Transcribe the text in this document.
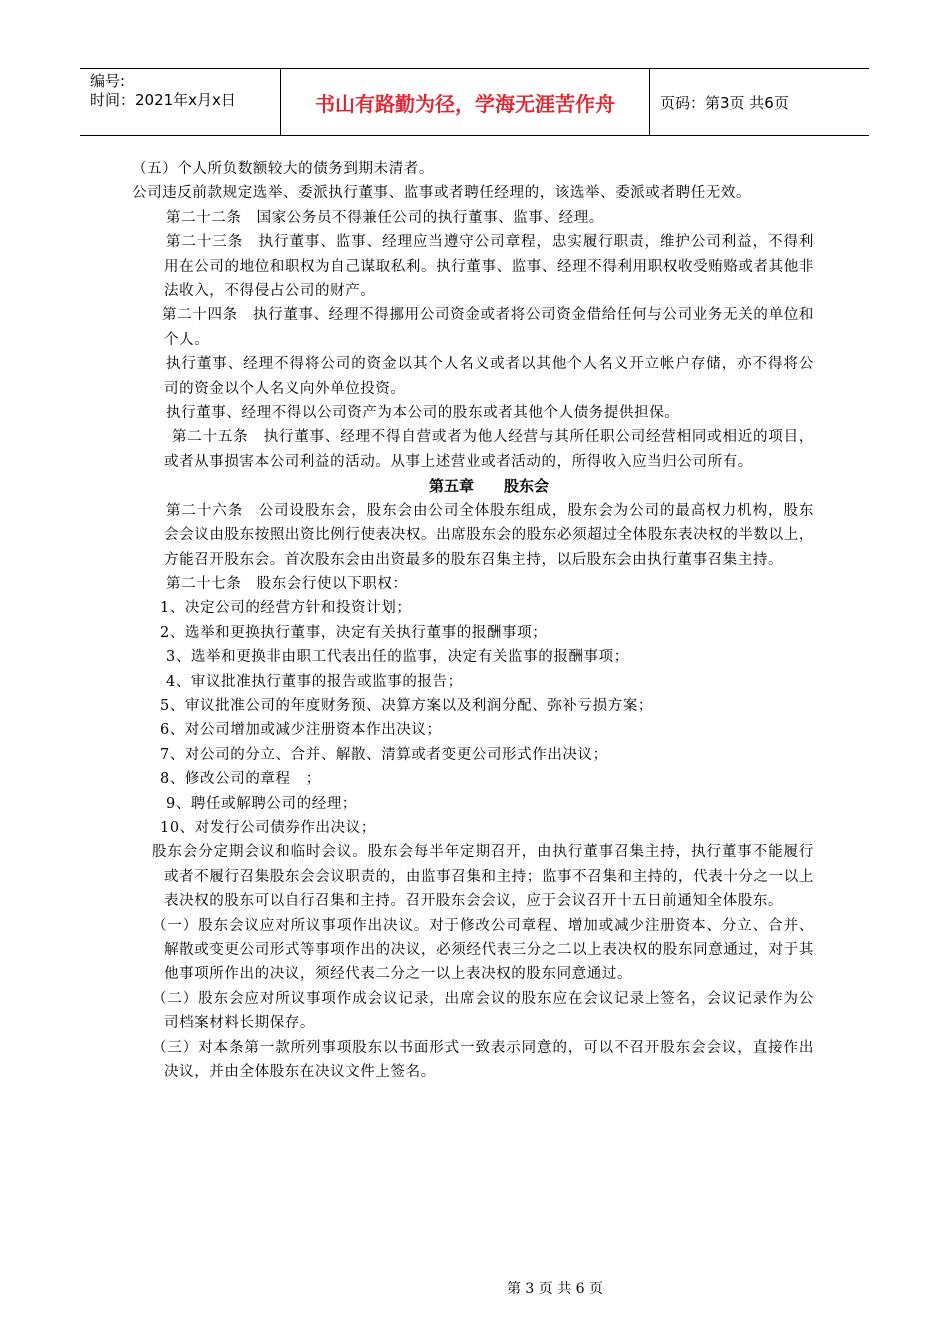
编号:
时间：2021年x月x日	书山有路勤为径，学海无涯苦作舟	页码：第3页 共6页

（五）个人所负数额较大的债务到期未清者。

公司违反前款规定选举、委派执行董事、监事或者聘任经理的，该选举、委派或者聘任无效。

第二十二条　国家公务员不得兼任公司的执行董事、监事、经理。

第二十三条　执行董事、监事、经理应当遵守公司章程，忠实履行职责，维护公司利益，不得利用在公司的地位和职权为自己谋取私利。执行董事、监事、经理不得利用职权收受贿赂或者其他非法收入，不得侵占公司的财产。

第二十四条　执行董事、经理不得挪用公司资金或者将公司资金借给任何与公司业务无关的单位和个人。

执行董事、经理不得将公司的资金以其个人名义或者以其他个人名义开立帐户存储，亦不得将公司的资金以个人名义向外单位投资。

执行董事、经理不得以公司资产为本公司的股东或者其他个人债务提供担保。

第二十五条　执行董事、经理不得自营或者为他人经营与其所任职公司经营相同或相近的项目，或者从事损害本公司利益的活动。从事上述营业或者活动的，所得收入应当归公司所有。

第五章　　股东会

第二十六条　公司设股东会，股东会由公司全体股东组成，股东会为公司的最高权力机构，股东会会议由股东按照出资比例行使表决权。出席股东会的股东必须超过全体股东表决权的半数以上，方能召开股东会。首次股东会由出资最多的股东召集主持，以后股东会由执行董事召集主持。

第二十七条　股东会行使以下职权：

1、决定公司的经营方针和投资计划；

2、选举和更换执行董事，决定有关执行董事的报酬事项；

3、选举和更换非由职工代表出任的监事，决定有关监事的报酬事项；

4、审议批准执行董事的报告或监事的报告；

5、审议批准公司的年度财务预、决算方案以及利润分配、弥补亏损方案；

6、对公司增加或减少注册资本作出决议；

7、对公司的分立、合并、解散、清算或者变更公司形式作出决议；

8、修改公司的章程　；

9、聘任或解聘公司的经理；

10、对发行公司债券作出决议；

股东会分定期会议和临时会议。股东会每半年定期召开，由执行董事召集主持，执行董事不能履行或者不履行召集股东会会议职责的，由监事召集和主持；监事不召集和主持的，代表十分之一以上表决权的股东可以自行召集和主持。召开股东会会议，应于会议召开十五日前通知全体股东。

（一）股东会议应对所议事项作出决议。对于修改公司章程、增加或减少注册资本、分立、合并、解散或变更公司形式等事项作出的决议，必须经代表三分之二以上表决权的股东同意通过，对于其他事项所作出的决议，须经代表二分之一以上表决权的股东同意通过。

（二）股东会应对所议事项作成会议记录，出席会议的股东应在会议记录上签名，会议记录作为公司档案材料长期保存。

（三）对本条第一款所列事项股东以书面形式一致表示同意的，可以不召开股东会会议，直接作出决议，并由全体股东在决议文件上签名。

第 3 页 共 6 页
